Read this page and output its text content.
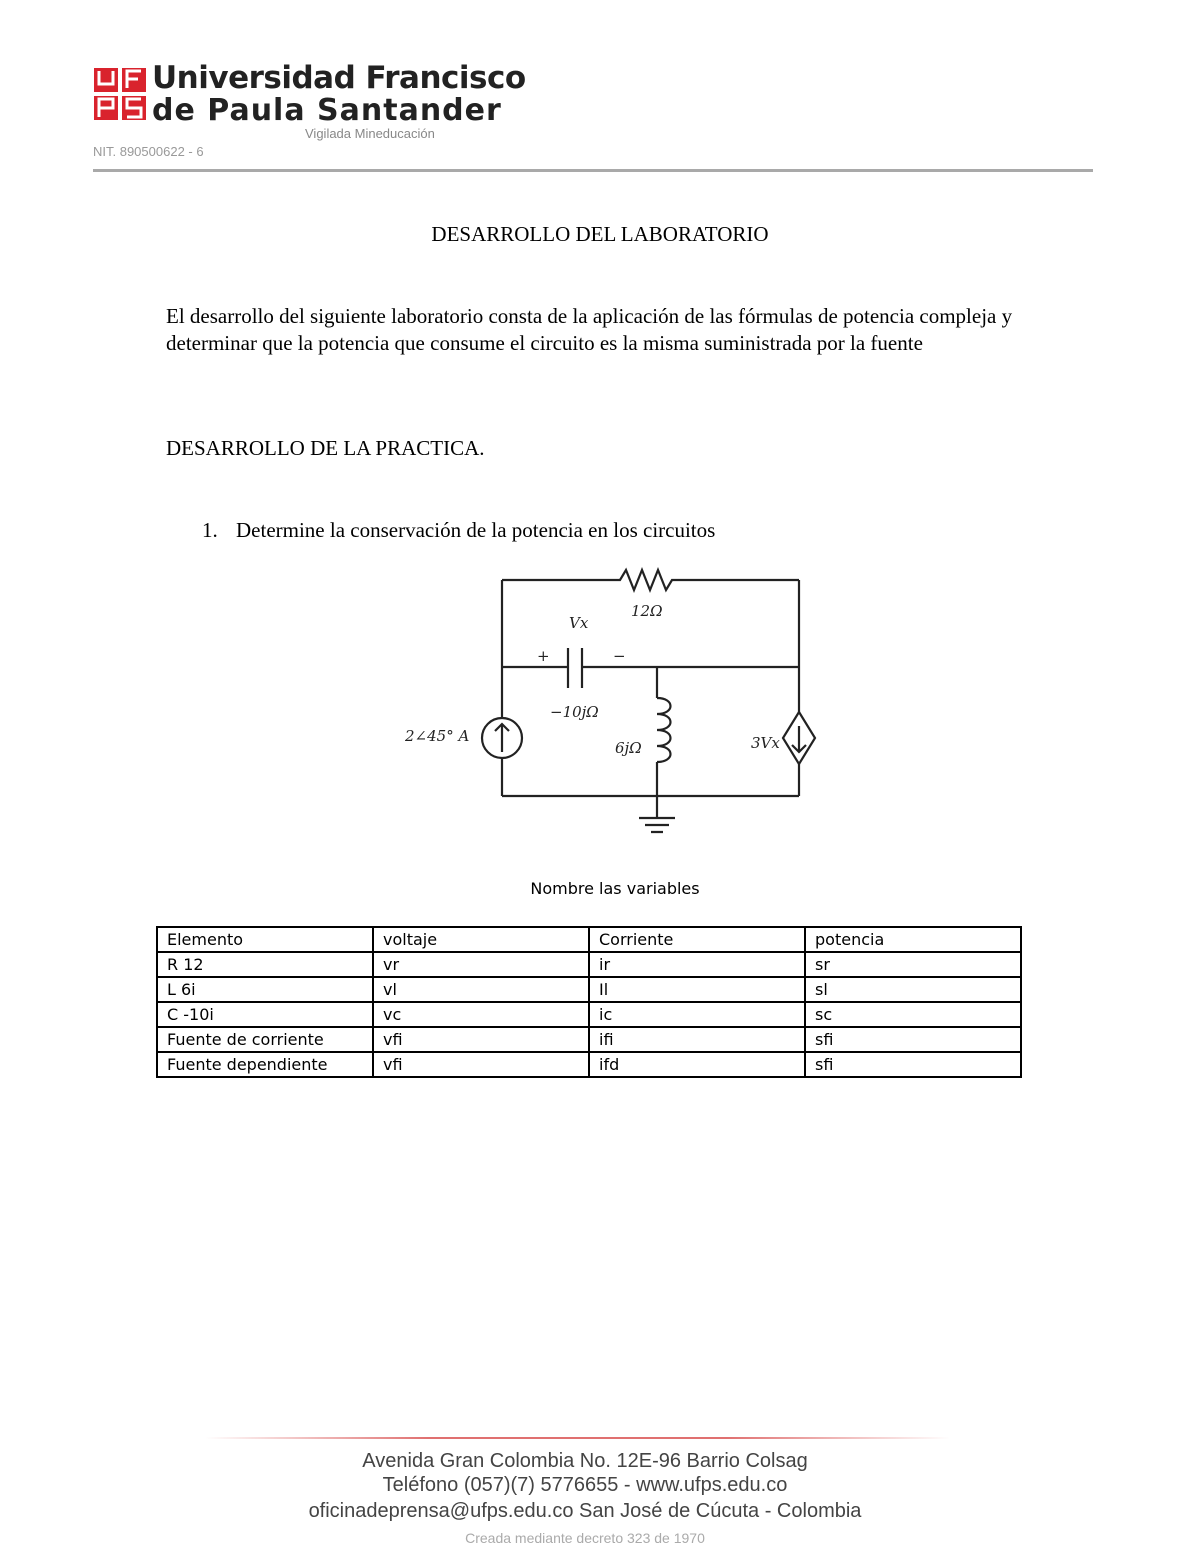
Universidad Francisco
de Paula Santander
Vigilada Mineducación
NIT. 890500622 - 6
DESARROLLO DEL LABORATORIO
El desarrollo del siguiente laboratorio consta de la aplicación de las fórmulas de potencia compleja y determinar que la potencia que consume el circuito es la misma suministrada por la fuente
DESARROLLO DE LA PRACTICA.
1. Determine la conservación de la potencia en los circuitos
12Ω
Vx
+	−
−10jΩ
6jΩ
2∠45° A	3Vx
Nombre las variables
Elemento	voltaje	Corriente	potencia
R 12	vr	ir	sr
L 6i	vl	Il	sl
C -10i	vc	ic	sc
Fuente de corriente	vfi	ifi	sfi
Fuente dependiente	vfi	ifd	sfi
Avenida Gran Colombia No. 12E-96 Barrio Colsag
Teléfono (057)(7) 5776655 - www.ufps.edu.co
oficinadeprensa@ufps.edu.co San José de Cúcuta - Colombia
Creada mediante decreto 323 de 1970
